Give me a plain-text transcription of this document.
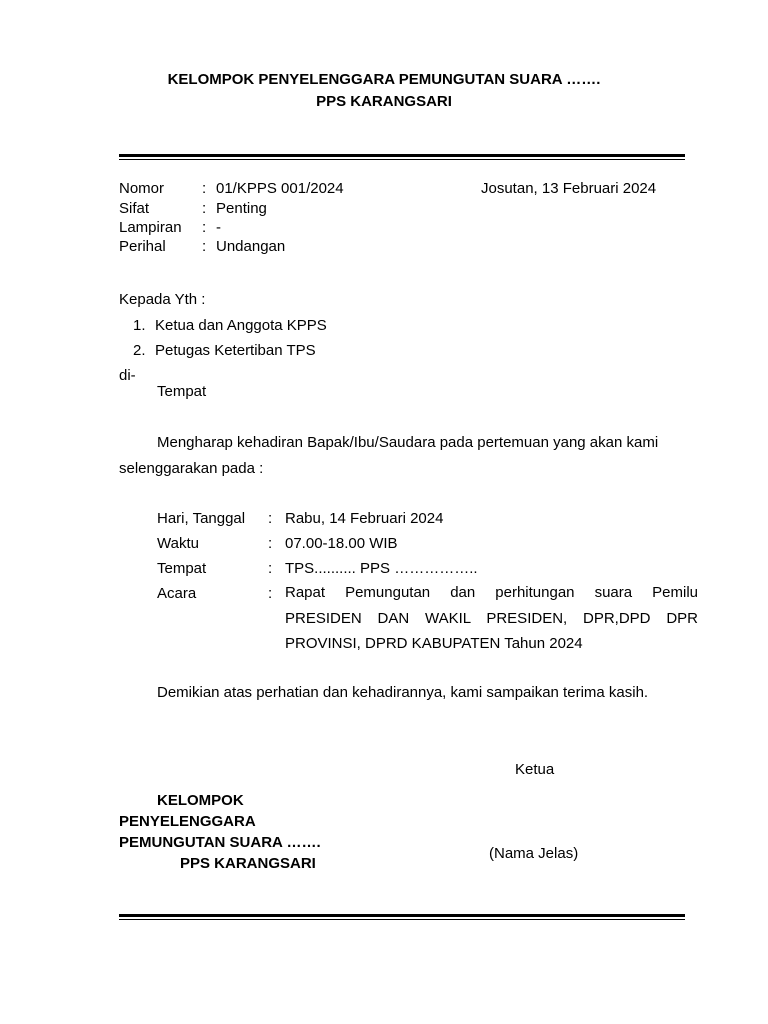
KELOMPOK PENYELENGGARA PEMUNGUTAN SUARA …….
PPS KARANGSARI
Nomor	: 01/KPPS 001/2024	Josutan, 13 Februari 2024
Sifat	: Penting
Lampiran : -
Perihal : Undangan
Kepada Yth :
1. Ketua dan Anggota KPPS
2. Petugas Ketertiban TPS
di-
Tempat
Mengharap kehadiran Bapak/Ibu/Saudara pada pertemuan yang akan kami
selenggarakan pada :
Hari, Tanggal : Rabu, 14 Februari 2024
Waktu	: 07.00-18.00 WIB
Tempat	: TPS.......... PPS ……………..
Acara	: Rapat Pemungutan dan perhitungan suara Pemilu
PRESIDEN DAN WAKIL PRESIDEN, DPR,DPD DPR
PROVINSI, DPRD KABUPATEN Tahun 2024
Demikian atas perhatian dan kehadirannya, kami sampaikan terima kasih.
Ketua
KELOMPOK
PENYELENGGARA
PEMUNGUTAN SUARA …….
PPS KARANGSARI
(Nama Jelas)
